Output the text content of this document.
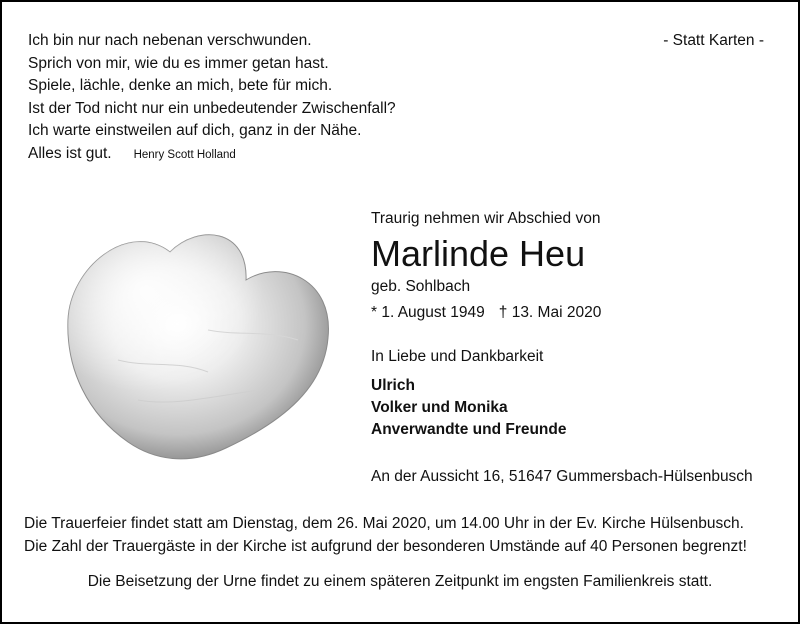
Ich bin nur nach nebenan verschwunden.
Sprich von mir, wie du es immer getan hast.
Spiele, lächle, denke an mich, bete für mich.
Ist der Tod nicht nur ein unbedeutender Zwischenfall?
Ich warte einstweilen auf dich, ganz in der Nähe.
Alles ist gut. Henry Scott Holland
- Statt Karten -
Traurig nehmen wir Abschied von
Marlinde Heu
geb. Sohlbach
* 1. August 1949 † 13. Mai 2020
In Liebe und Dankbarkeit
Ulrich
Volker und Monika
Anverwandte und Freunde
An der Aussicht 16, 51647 Gummersbach-Hülsenbusch
Die Trauerfeier findet statt am Dienstag, dem 26. Mai 2020, um 14.00 Uhr in der Ev. Kirche Hülsenbusch.
Die Zahl der Trauergäste in der Kirche ist aufgrund der besonderen Umstände auf 40 Personen begrenzt!
Die Beisetzung der Urne findet zu einem späteren Zeitpunkt im engsten Familienkreis statt.
